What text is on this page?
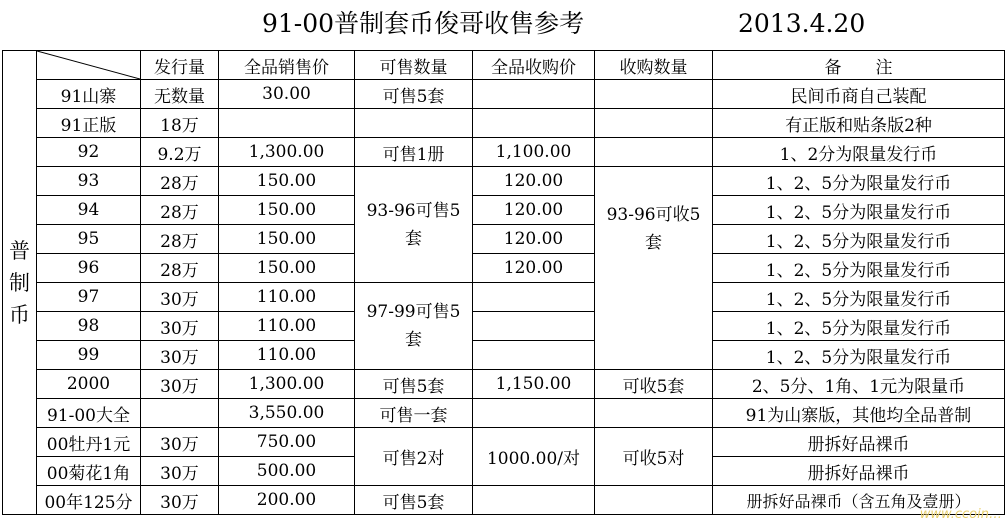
91-00普制套币俊哥收售参考	2013.4.20
普制币		发行量	全品销售价	可售数量	全品收购价	收购数量	备　　注
	91山寨	无数量	30.00	可售5套			民间币商自己装配
	91正版	18万					有正版和贴条版2种
	92	9.2万	1,300.00	可售1册	1,100.00		1、2分为限量发行币
	93	28万	150.00	93-96可售5套	120.00	93-96可收5套	1、2、5分为限量发行币
	94	28万	150.00		120.00		1、2、5分为限量发行币
	95	28万	150.00		120.00		1、2、5分为限量发行币
	96	28万	150.00		120.00		1、2、5分为限量发行币
	97	30万	110.00	97-99可售5套			1、2、5分为限量发行币
	98	30万	110.00				1、2、5分为限量发行币
	99	30万	110.00				1、2、5分为限量发行币
	2000	30万	1,300.00	可售5套	1,150.00	可收5套	2、5分、1角、1元为限量币
	91-00大全		3,550.00	可售一套			91为山寨版，其他均全品普制
	00牡丹1元	30万	750.00	可售2对	1000.00/对	可收5对	册拆好品裸币
	00菊花1角	30万	500.00				册拆好品裸币
	00年125分	30万	200.00	可售5套			册拆好品裸币（含五角及壹册）
www.ccoin…
